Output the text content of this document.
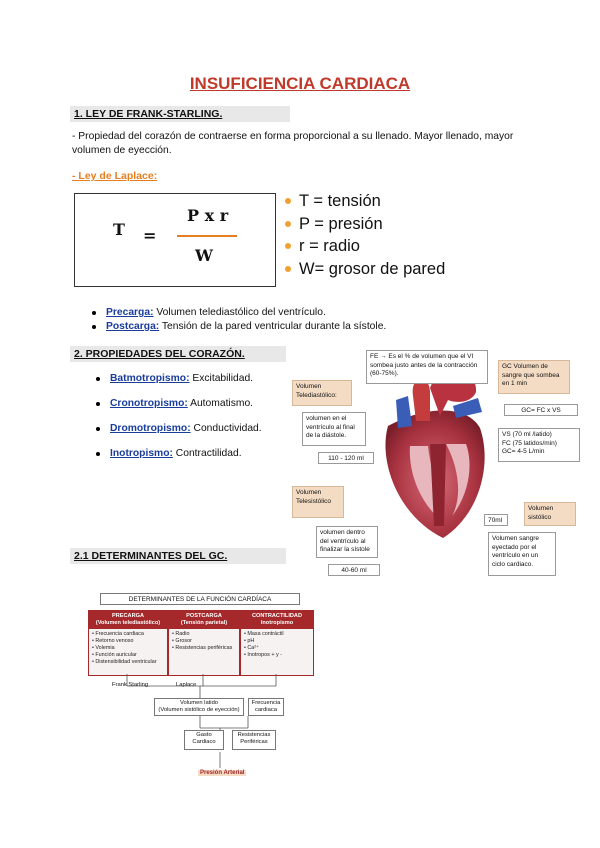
INSUFICIENCIA CARDIACA
1. LEY DE FRANK-STARLING.
- Propiedad del corazón de contraerse en forma proporcional a su llenado. Mayor llenado, mayor volumen de eyección.
- Ley de Laplace:
T =
P x r
W
T = tensión
P = presión
r = radio
W= grosor de pared
Precarga: Volumen telediastólico del ventrículo.
Postcarga: Tensión de la pared ventricular durante la sístole.
2. PROPIEDADES DEL CORAZÓN.
Batmotropismo: Excitabilidad.
Cronotropismo: Automatismo.
Dromotropismo: Conductividad.
Inotropismo: Contractilidad.
2.1 DETERMINANTES DEL GC.
FE → Es el % de volumen que el VI sombea justo antes de la contracción (60-75%).
GC Volumen de sangre que sombea en 1 min
GC= FC x VS
VS (70 ml /latido)
FC (75 latidos/min)
GC= 4-5 L/min
Volumen
Telediastólico:
volumen en el ventrículo al final de la diástole.
110 - 120 ml
Volumen
Telesistólico
volumen dentro del ventrículo al finalizar la sístole
40-60 ml
Volumen
sistólico
70ml
Volumen sangre eyectado por el ventrículo en un ciclo cardiaco.
DETERMINANTES DE LA FUNCIÓN CARDÍACA
PRECARGA
(Volumen telediastólico)
• Frecuencia cardiaca
• Retorno venoso
• Volemia
• Función auricular
• Distensibilidad ventricular
POSTCARGA
(Tensión parietal)
• Radio
• Grosor
• Resistencias periféricas
CONTRACTILIDAD
Inotropismo
• Masa contráctil
• pH
• Ca²⁺
• Inotropos + y -
Frank Starling	Laplace
Volumen latido
(Volumen sistólico de eyección)
Frecuencia
cardiaca
Gasto
Cardiaco
Resistencias
Periféricas
Presión Arterial
